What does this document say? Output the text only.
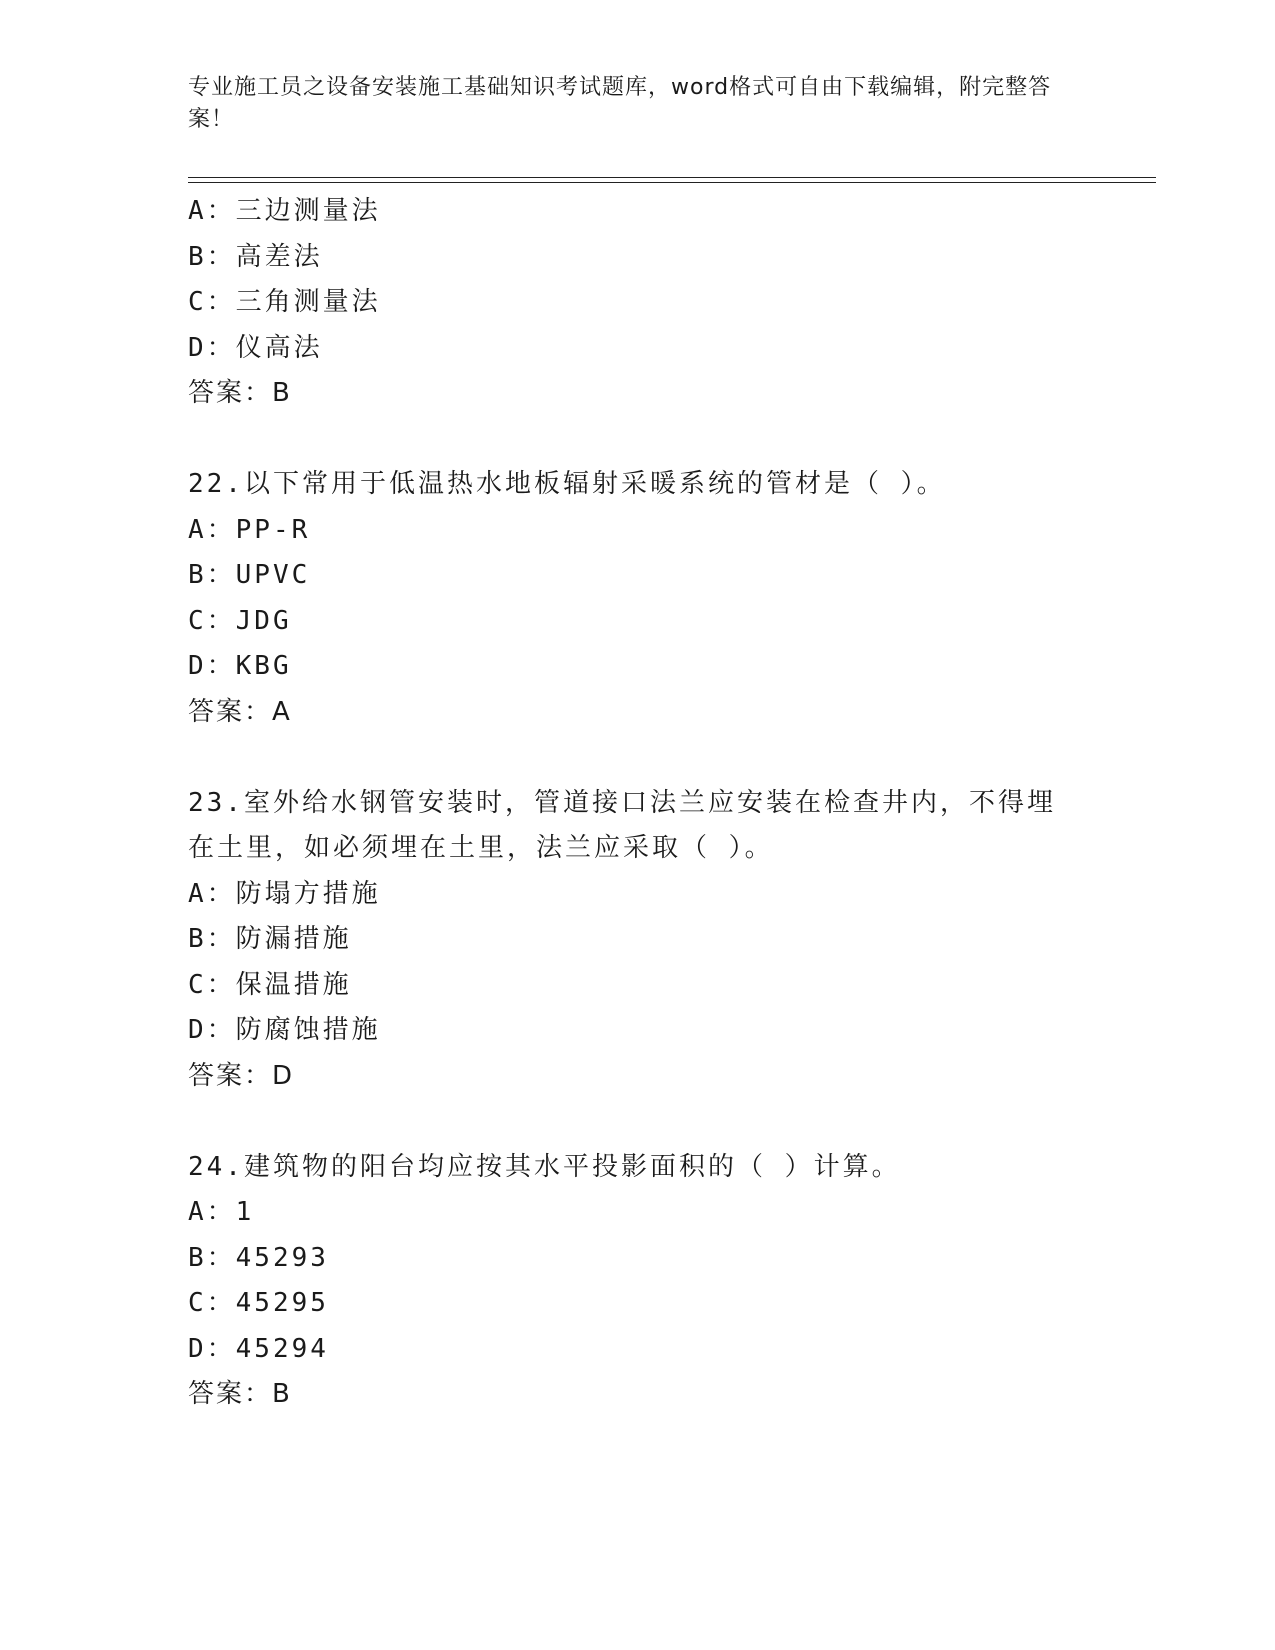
专业施工员之设备安装施工基础知识考试题库，word格式可自由下载编辑，附完整答案！
A：三边测量法
B：高差法
C：三角测量法
D：仪高法
答案：B
22.以下常用于低温热水地板辐射采暖系统的管材是（ ）。
A：PP-R
B：UPVC
C：JDG
D：KBG
答案：A
23.室外给水钢管安装时，管道接口法兰应安装在检查井内，不得埋在土里，如必须埋在土里，法兰应采取（ ）。
A：防塌方措施
B：防漏措施
C：保温措施
D：防腐蚀措施
答案：D
24.建筑物的阳台均应按其水平投影面积的（ ）计算。
A：1
B：45293
C：45295
D：45294
答案：B
